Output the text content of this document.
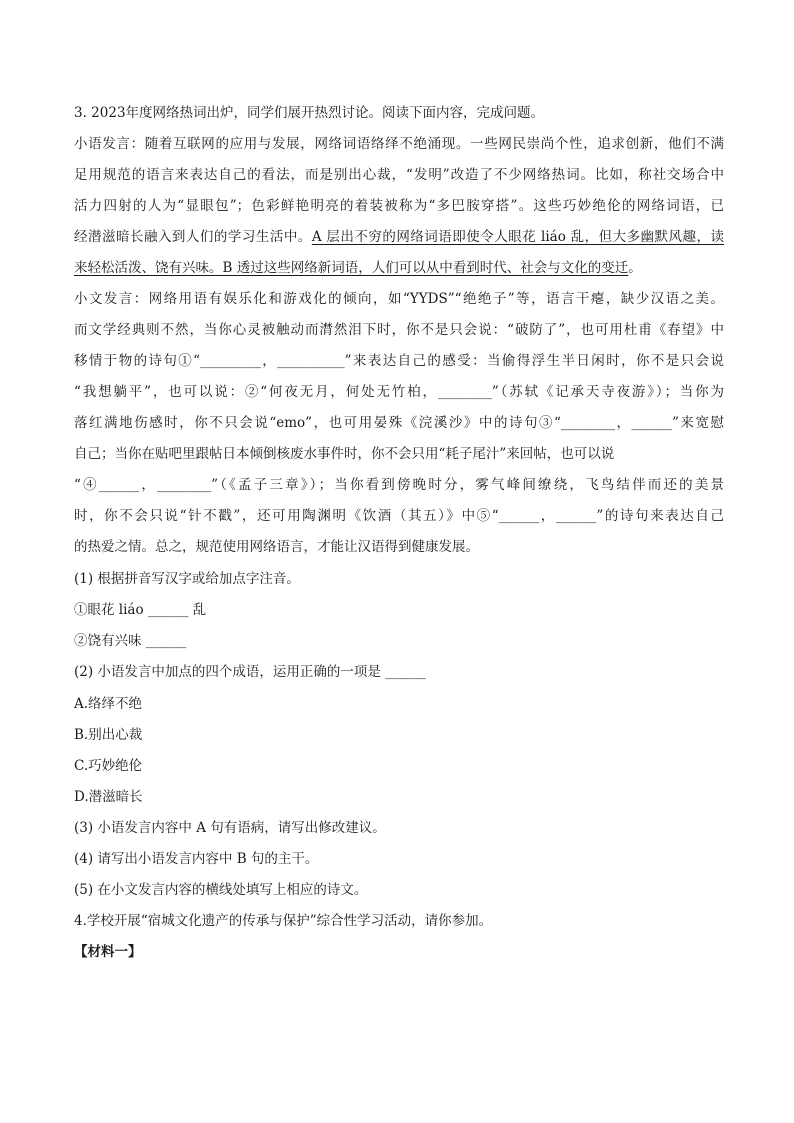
3. 2023年度网络热词出炉，同学们展开热烈讨论。阅读下面内容，完成问题。
小语发言：随着互联网的应用与发展，网络词语络绎不绝涌现。一些网民崇尚个性，追求创新，他们不满
足用规范的语言来表达自己的看法，而是别出心裁，“发明”改造了不少网络热词。比如，称社交场合中
活力四射的人为“显眼包”；色彩鲜艳明亮的着装被称为“多巴胺穿搭”。这些巧妙绝伦的网络词语，已
经潜滋暗长融入到人们的学习生活中。A 层出不穷的网络词语即使令人眼花 liáo 乱，但大多幽默风趣，读
来轻松活泼、饶有兴味。B 透过这些网络新词语，人们可以从中看到时代、社会与文化的变迁。
小文发言：网络用语有娱乐化和游戏化的倾向，如“YYDS”“绝绝子”等，语言干瘪，缺少汉语之美。
而文学经典则不然，当你心灵被触动而潸然泪下时，你不是只会说：“破防了”，也可用杜甫《春望》中
移情于物的诗句①“_________，__________”来表达自己的感受：当偷得浮生半日闲时，你不是只会说
“我想躺平”，也可以说：②“何夜无月，何处无竹柏，________”（苏轼《记承天寺夜游》）；当你为
落红满地伤感时，你不只会说“emo”，也可用晏殊《浣溪沙》中的诗句③“________，______”来宽慰
自己；当你在贴吧里跟帖日本倾倒核废水事件时，你不会只用“耗子尾汁”来回帖，也可以说
“④______，________”（《孟子三章》）；当你看到傍晚时分，雾气峰间缭绕，飞鸟结伴而还的美景
时，你不会只说“针不戳”，还可用陶渊明《饮酒（其五）》中⑤“______，______”的诗句来表达自己
的热爱之情。总之，规范使用网络语言，才能让汉语得到健康发展。
(1) 根据拼音写汉字或给加点字注音。
①眼花 liáo ______ 乱
②饶有兴味 ______
(2) 小语发言中加点的四个成语，运用正确的一项是 ______
A.络绎不绝
B.别出心裁
C.巧妙绝伦
D.潜滋暗长
(3) 小语发言内容中 A 句有语病，请写出修改建议。
(4) 请写出小语发言内容中 B 句的主干。
(5) 在小文发言内容的横线处填写上相应的诗文。
4.学校开展“宿城文化遗产的传承与保护”综合性学习活动，请你参加。
【材料一】
